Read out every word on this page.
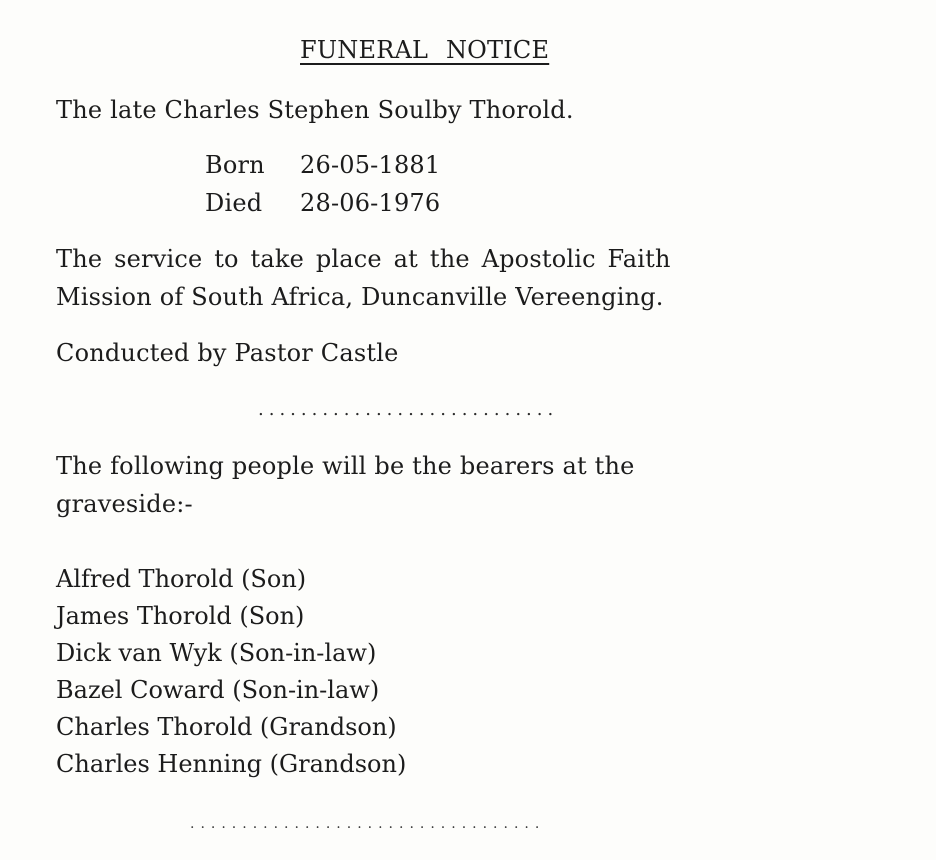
FUNERAL NOTICE
The late Charles Stephen Soulby Thorold.
Born 26-05-1881
Died 28-06-1976
The service to take place at the Apostolic Faith
Mission of South Africa, Duncanville Vereenging.
Conducted by Pastor Castle
............................
The following people will be the bearers at the
graveside:-
Alfred Thorold (Son)
James Thorold (Son)
Dick van Wyk (Son-in-law)
Bazel Coward (Son-in-law)
Charles Thorold (Grandson)
Charles Henning (Grandson)
..................................
